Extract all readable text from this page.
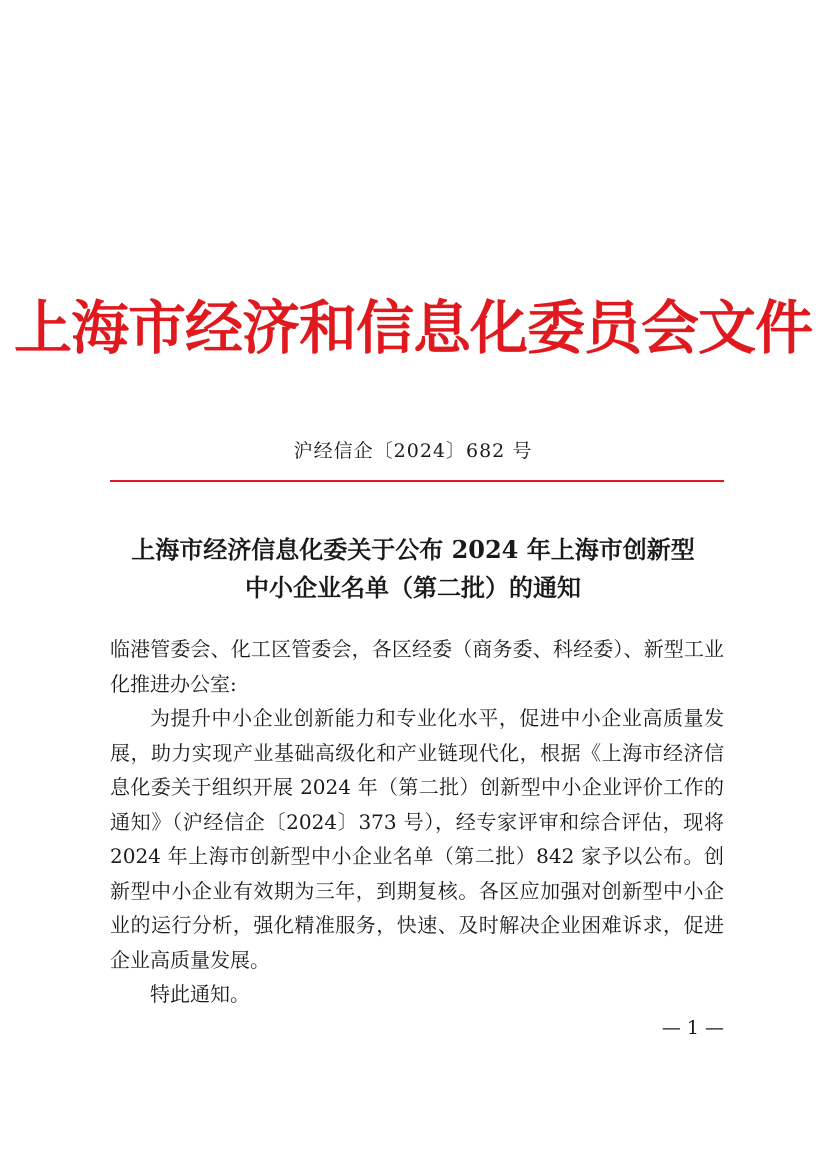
上海市经济和信息化委员会文件
沪经信企〔2024〕682 号
上海市经济信息化委关于公布 2024 年上海市创新型
中小企业名单（第二批）的通知
临港管委会、化工区管委会，各区经委（商务委、科经委）、新型工业化推进办公室:
为提升中小企业创新能力和专业化水平，促进中小企业高质量发展，助力实现产业基础高级化和产业链现代化，根据《上海市经济信息化委关于组织开展 2024 年（第二批）创新型中小企业评价工作的通知》（沪经信企〔2024〕373 号），经专家评审和综合评估，现将 2024 年上海市创新型中小企业名单（第二批）842 家予以公布。创新型中小企业有效期为三年，到期复核。各区应加强对创新型中小企业的运行分析，强化精准服务，快速、及时解决企业困难诉求，促进企业高质量发展。
特此通知。
— 1 —
